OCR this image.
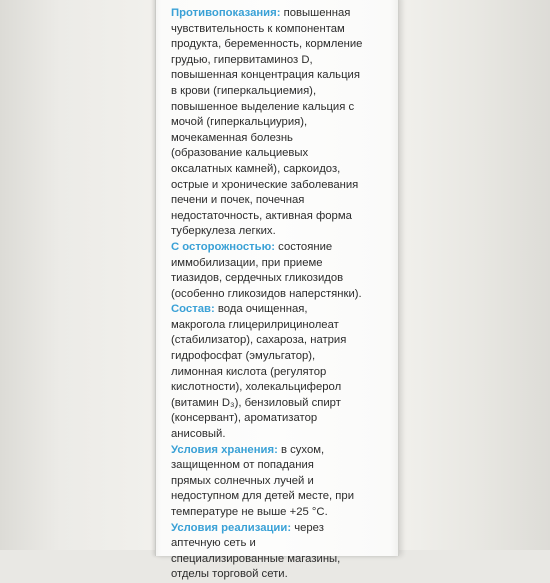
Противопоказания: повышенная
чувствительность к компонентам
продукта, беременность, кормление
грудью, гипервитаминоз D,
повышенная концентрация кальция
в крови (гиперкальциемия),
повышенное выделение кальция с
мочой (гиперкальциурия),
мочекаменная болезнь
(образование кальциевых
оксалатных камней), саркоидоз,
острые и хронические заболевания
печени и почек, почечная
недостаточность, активная форма
туберкулеза легких.
С осторожностью: состояние
иммобилизации, при приеме
тиазидов, сердечных гликозидов
(особенно гликозидов наперстянки).
Состав: вода очищенная,
макрогола глицерилрицинолеат
(стабилизатор), сахароза, натрия
гидрофосфат (эмульгатор),
лимонная кислота (регулятор
кислотности), холекальциферол
(витамин D₃), бензиловый спирт
(консервант), ароматизатор
анисовый.
Условия хранения: в сухом,
защищенном от попадания
прямых солнечных лучей и
недоступном для детей месте, при
температуре не выше +25 °C.
Условия реализации: через
аптечную сеть и
специализированные магазины,
отделы торговой сети.
